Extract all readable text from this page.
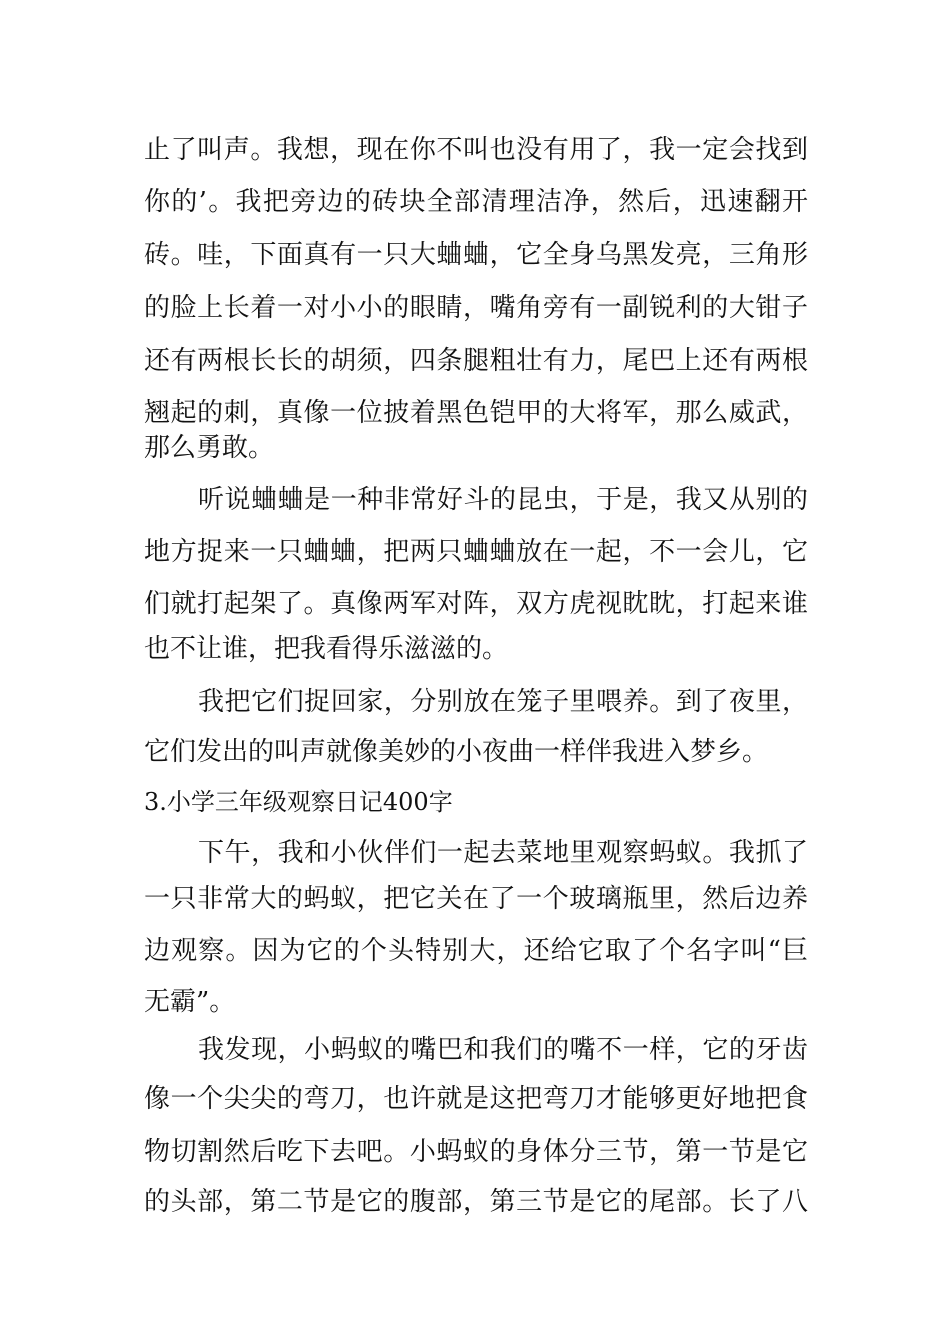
止了叫声。我想，现在你不叫也没有用了，我一定会找到
你的’。我把旁边的砖块全部清理洁净，然后，迅速翻开
砖。哇，下面真有一只大蛐蛐，它全身乌黑发亮，三角形
的脸上长着一对小小的眼睛，嘴角旁有一副锐利的大钳子
还有两根长长的胡须，四条腿粗壮有力，尾巴上还有两根
翘起的刺，真像一位披着黑色铠甲的大将军，那么威武，
那么勇敢。
听说蛐蛐是一种非常好斗的昆虫，于是，我又从别的
地方捉来一只蛐蛐，把两只蛐蛐放在一起，不一会儿，它
们就打起架了。真像两军对阵，双方虎视眈眈，打起来谁
也不让谁，把我看得乐滋滋的。
我把它们捉回家，分别放在笼子里喂养。到了夜里，
它们发出的叫声就像美妙的小夜曲一样伴我进入梦乡。
3.小学三年级观察日记400字
下午，我和小伙伴们一起去菜地里观察蚂蚁。我抓了
一只非常大的蚂蚁，把它关在了一个玻璃瓶里，然后边养
边观察。因为它的个头特别大，还给它取了个名字叫“巨
无霸”。
我发现，小蚂蚁的嘴巴和我们的嘴不一样，它的牙齿
像一个尖尖的弯刀，也许就是这把弯刀才能够更好地把食
物切割然后吃下去吧。小蚂蚁的身体分三节，第一节是它
的头部，第二节是它的腹部，第三节是它的尾部。长了八
